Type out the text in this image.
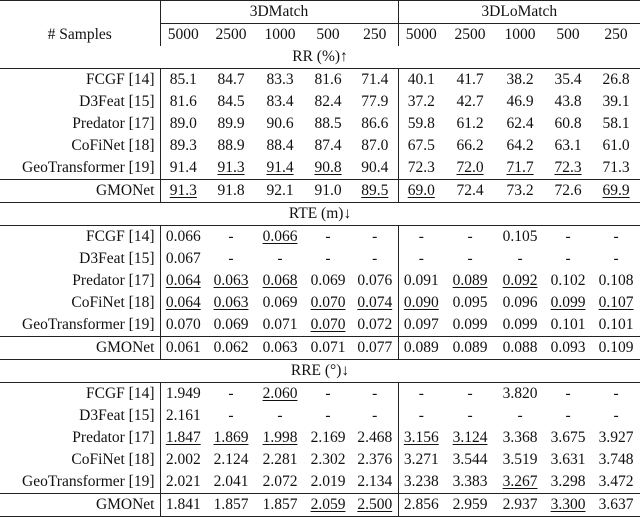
	3DMatch					3DLoMatch				
# Samples	5000	2500	1000	500	250	5000	2500	1000	500	250
RR (%)↑										
FCGF [14]	85.1	84.7	83.3	81.6	71.4	40.1	41.7	38.2	35.4	26.8
D3Feat [15]	81.6	84.5	83.4	82.4	77.9	37.2	42.7	46.9	43.8	39.1
Predator [17]	89.0	89.9	90.6	88.5	86.6	59.8	61.2	62.4	60.8	58.1
CoFiNet [18]	89.3	88.9	88.4	87.4	87.0	67.5	66.2	64.2	63.1	61.0
GeoTransformer [19]	91.4	91.3	91.4	90.8	90.4	72.3	72.0	71.7	72.3	71.3
GMONet	91.3	91.8	92.1	91.0	89.5	69.0	72.4	73.2	72.6	69.9
RTE (m)↓										
FCGF [14]	0.066	-	0.066	-	-	-	-	0.105	-	-
D3Feat [15]	0.067	-	-	-	-	-	-	-	-	-
Predator [17]	0.064	0.063	0.068	0.069	0.076	0.091	0.089	0.092	0.102	0.108
CoFiNet [18]	0.064	0.063	0.069	0.070	0.074	0.090	0.095	0.096	0.099	0.107
GeoTransformer [19]	0.070	0.069	0.071	0.070	0.072	0.097	0.099	0.099	0.101	0.101
GMONet	0.061	0.062	0.063	0.071	0.077	0.089	0.089	0.088	0.093	0.109
RRE (°)↓										
FCGF [14]	1.949	-	2.060	-	-	-	-	3.820	-	-
D3Feat [15]	2.161	-	-	-	-	-	-	-	-	-
Predator [17]	1.847	1.869	1.998	2.169	2.468	3.156	3.124	3.368	3.675	3.927
CoFiNet [18]	2.002	2.124	2.281	2.302	2.376	3.271	3.544	3.519	3.631	3.748
GeoTransformer [19]	2.021	2.041	2.072	2.019	2.134	3.238	3.383	3.267	3.298	3.472
GMONet	1.841	1.857	1.857	2.059	2.500	2.856	2.959	2.937	3.300	3.637
